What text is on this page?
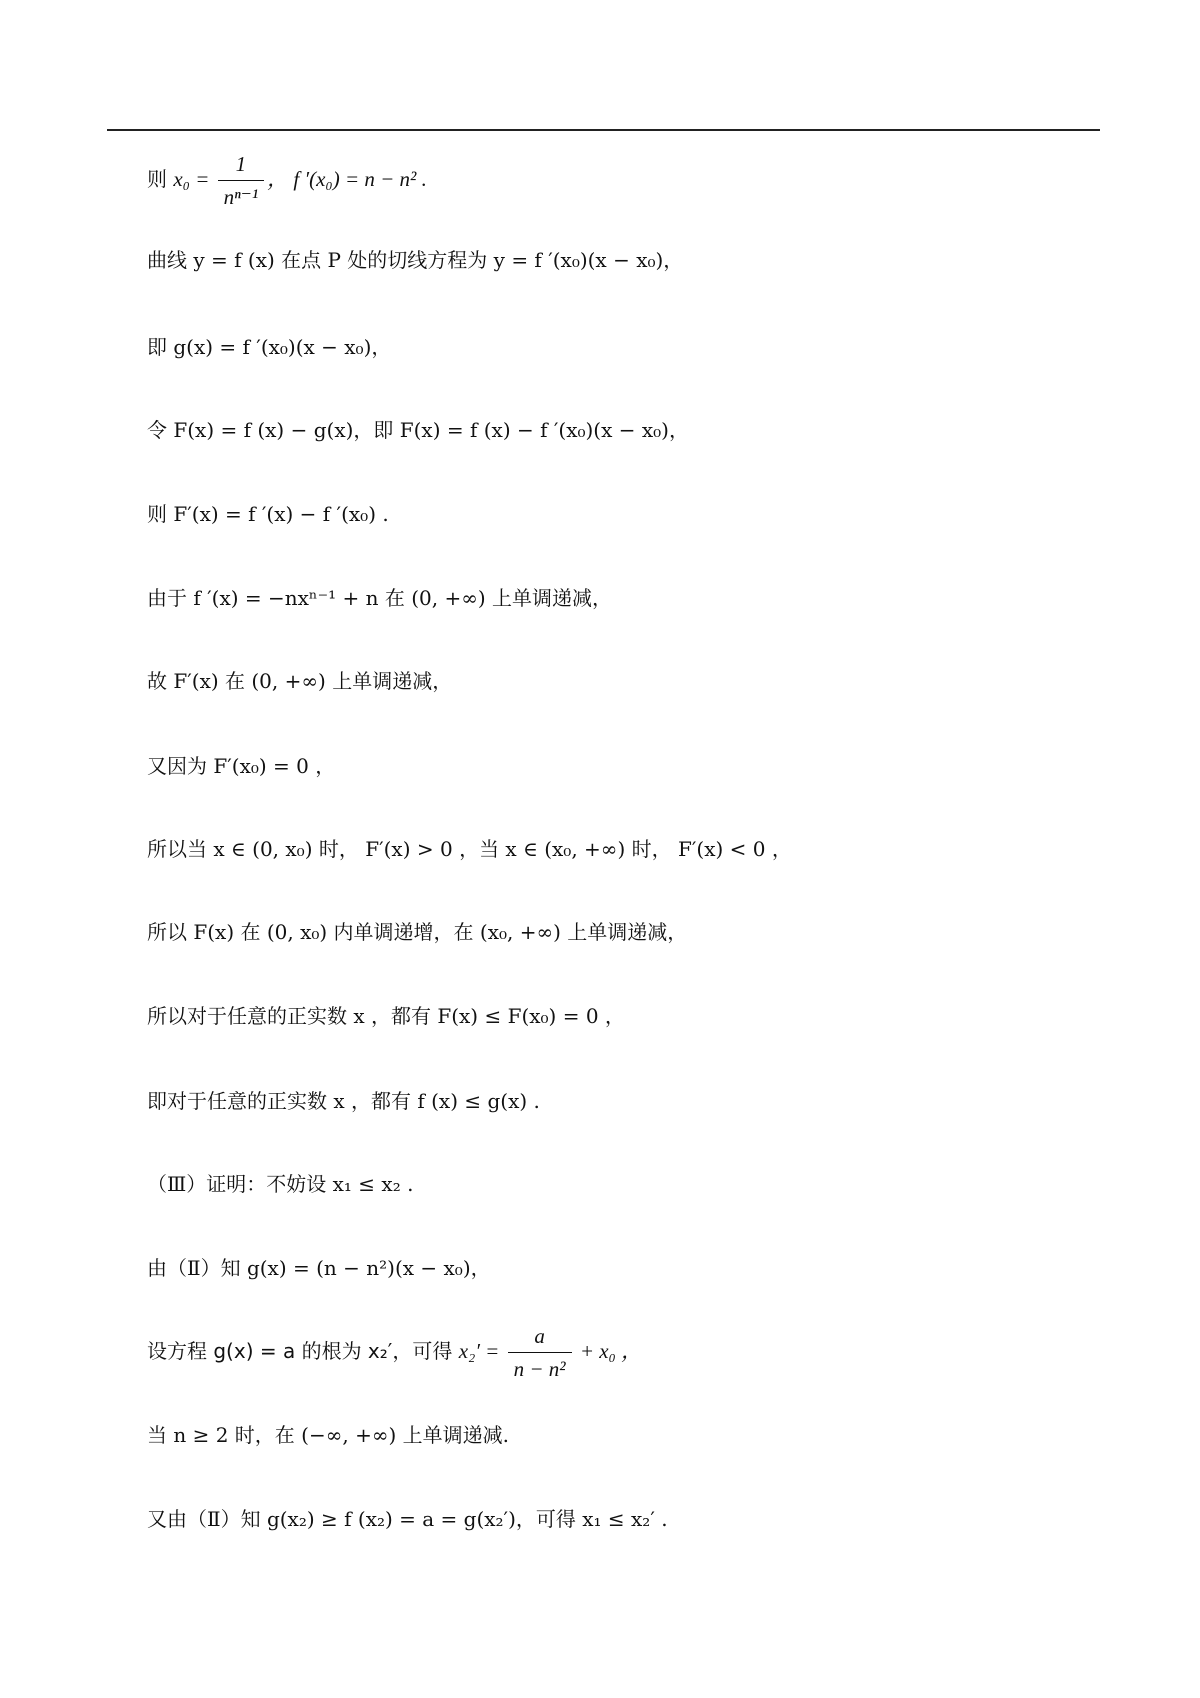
则 $x_0 = \frac{1}{\text{nⁿ⁻¹}}$ ， f ′(x₀) = n − n² .
曲线 y = f (x) 在点 P 处的切线方程为 y = f ′(x₀)(x − x₀)，
即 g(x) = f ′(x₀)(x − x₀)，
令 F(x) = f (x) − g(x)，即 F(x) = f (x) − f ′(x₀)(x − x₀)，
则 F′(x) = f ′(x) − f ′(x₀) .
由于 f ′(x) = −nxⁿ⁻¹ + n 在 (0, +∞) 上单调递减，
故 F′(x) 在 (0, +∞) 上单调递减，
又因为 F′(x₀) = 0 ，
所以当 x ∈ (0, x₀) 时， F′(x) > 0 ，当 x ∈ (x₀, +∞) 时， F′(x) < 0 ，
所以 F(x) 在 (0, x₀) 内单调递增，在 (x₀, +∞) 上单调递减，
所以对于任意的正实数 x ，都有 F(x) ≤ F(x₀) = 0 ，
即对于任意的正实数 x ，都有 f (x) ≤ g(x) .
（Ⅲ）证明：不妨设 x₁ ≤ x₂ .
由（Ⅱ）知 g(x) = (n − n²)(x − x₀)，
设方程 g(x) = a 的根为 x₂′，可得 $x_2' = \frac{a}{\text{n − n²}} + x_0$ ，
当 n ≥ 2 时，在 (−∞, +∞) 上单调递减.
又由（Ⅱ）知 g(x₂) ≥ f (x₂) = a = g(x₂′)，可得 x₁ ≤ x₂′ .
